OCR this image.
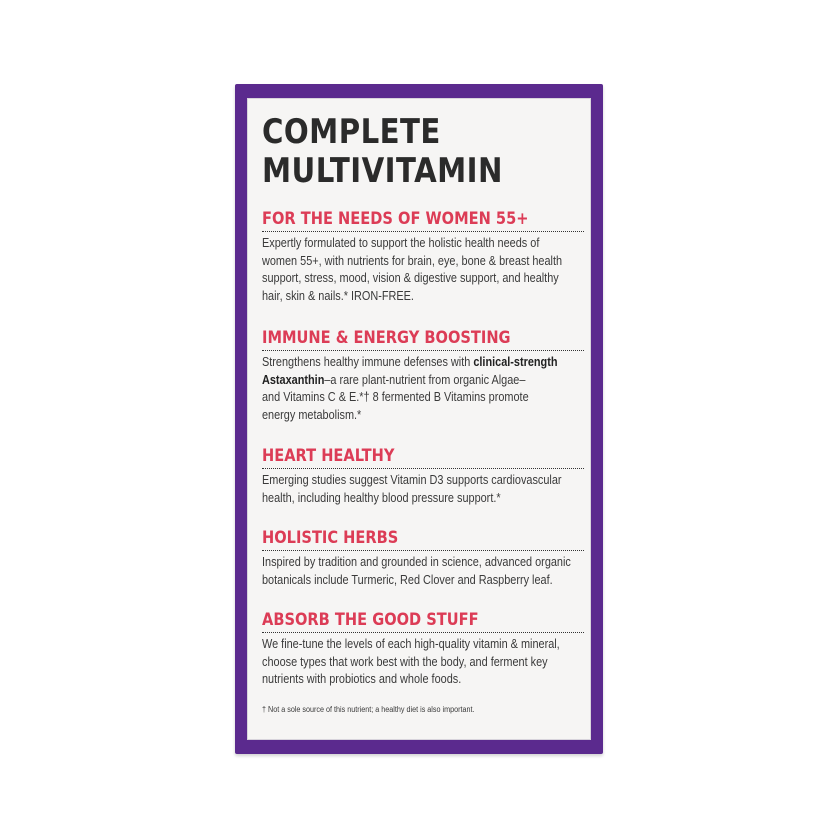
COMPLETE
MULTIVITAMIN
FOR THE NEEDS OF WOMEN 55+

Expertly formulated to support the holistic health needs of
women 55+, with nutrients for brain, eye, bone & breast health
support, stress, mood, vision & digestive support, and healthy
hair, skin & nails.* IRON-FREE.

IMMUNE & ENERGY BOOSTING

Strengthens healthy immune defenses with clinical-strength
Astaxanthin–a rare plant-nutrient from organic Algae–
and Vitamins C & E.*† 8 fermented B Vitamins promote
energy metabolism.*

HEART HEALTHY

Emerging studies suggest Vitamin D3 supports cardiovascular
health, including healthy blood pressure support.*

HOLISTIC HERBS

Inspired by tradition and grounded in science, advanced organic
botanicals include Turmeric, Red Clover and Raspberry leaf.

ABSORB THE GOOD STUFF

We fine-tune the levels of each high-quality vitamin & mineral,
choose types that work best with the body, and ferment key
nutrients with probiotics and whole foods.

† Not a sole source of this nutrient; a healthy diet is also important.
